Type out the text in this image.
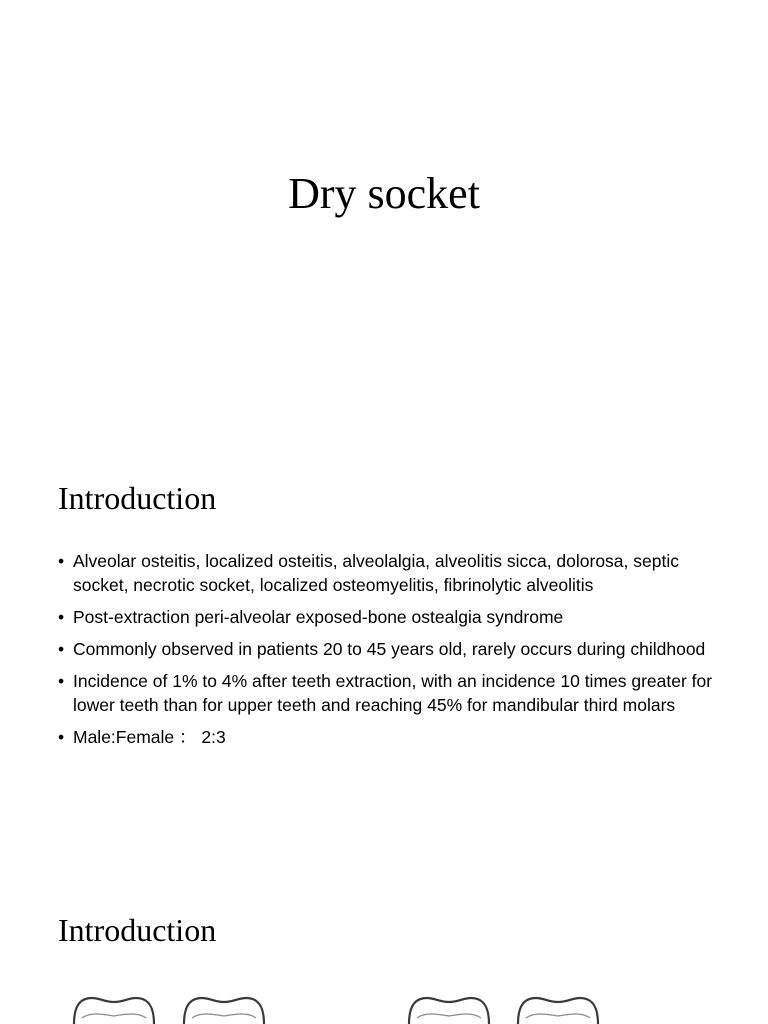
Dry socket
Introduction
• Alveolar osteitis, localized osteitis, alveolalgia, alveolitis sicca, dolorosa, septic socket, necrotic socket, localized osteomyelitis, fibrinolytic alveolitis
• Post-extraction peri-alveolar exposed-bone ostealgia syndrome
• Commonly observed in patients 20 to 45 years old, rarely occurs during childhood
• Incidence of 1% to 4% after teeth extraction, with an incidence 10 times greater for lower teeth than for upper teeth and reaching 45% for mandibular third molars
• Male:Female ： 2:3
Introduction
